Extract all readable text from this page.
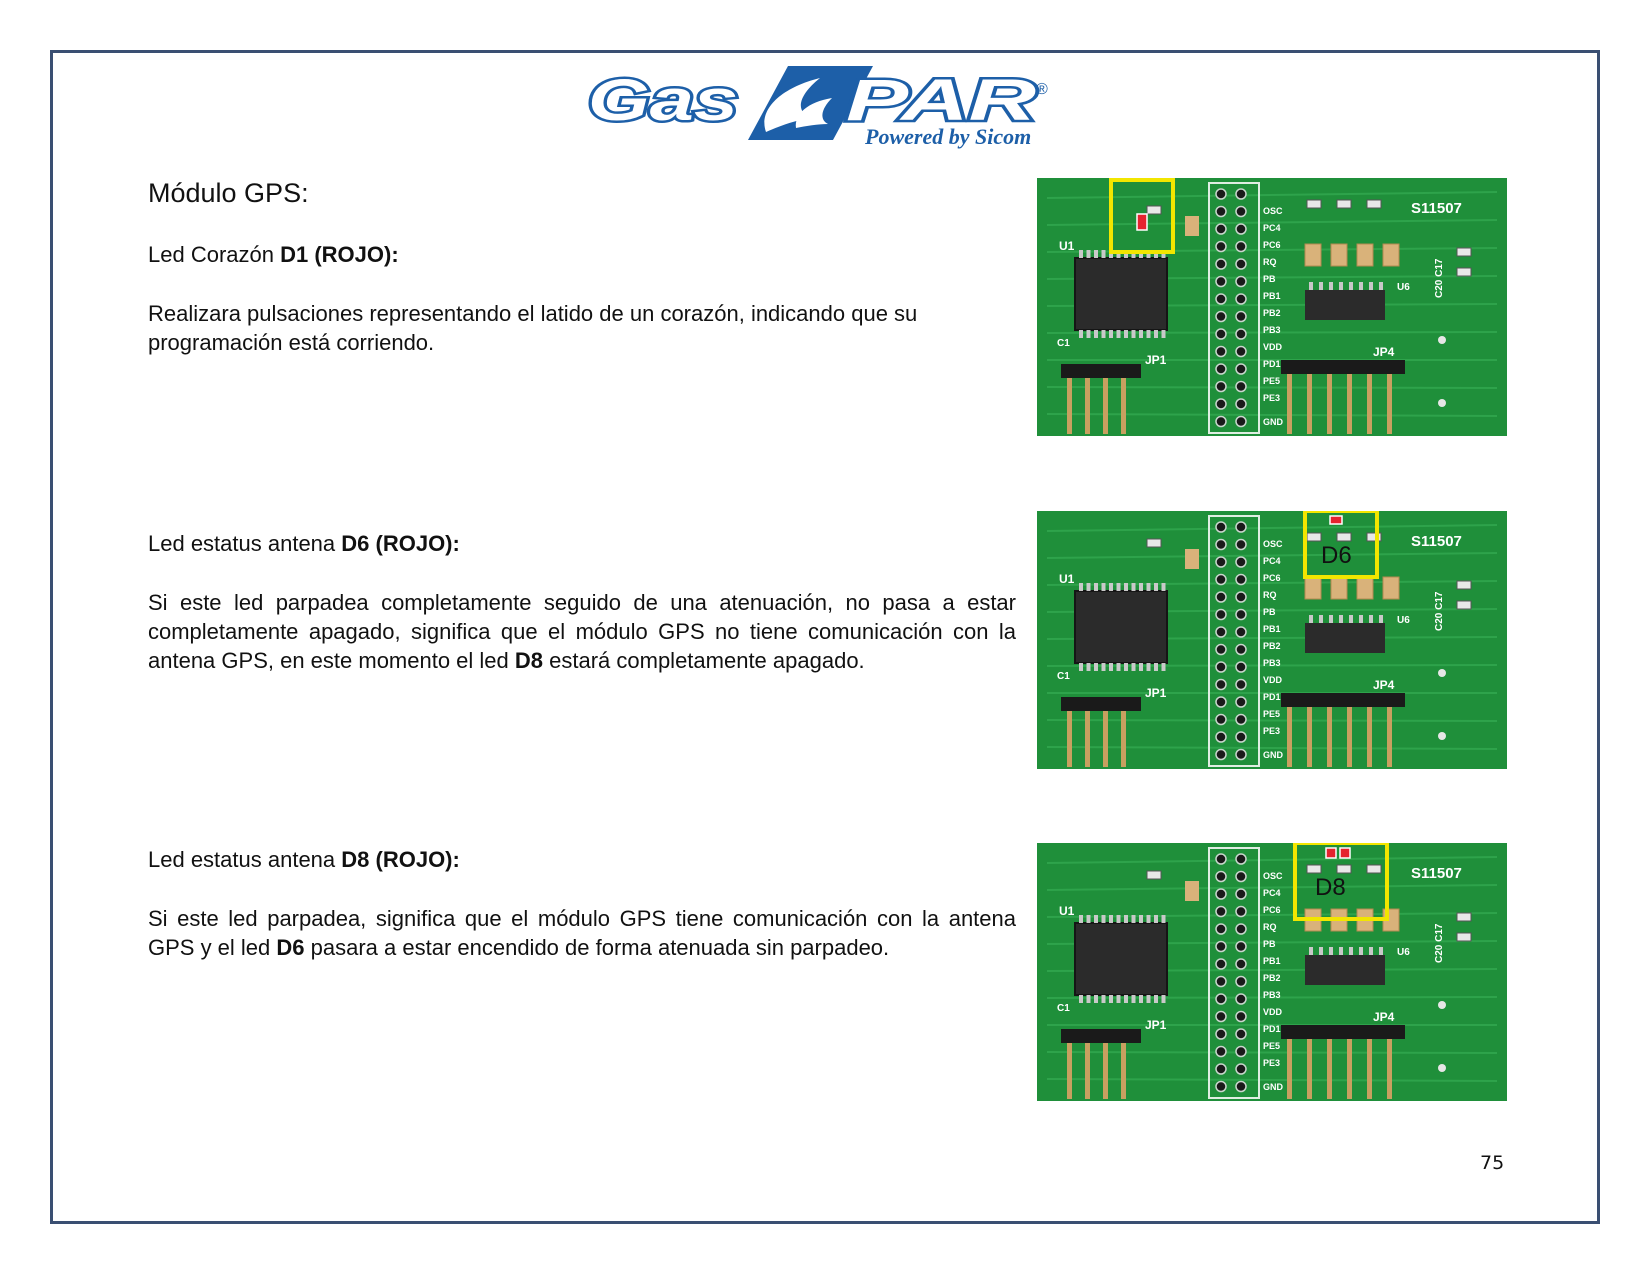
Gas PAR ®
Powered by Sicom
Módulo GPS:
Led Corazón D1 (ROJO):
Realizara pulsaciones representando el latido de un corazón, indicando que su programación está corriendo.
Led estatus antena D6 (ROJO):
Si este led parpadea completamente seguido de una atenuación, no pasa a estar completamente apagado, significa que el módulo GPS no tiene comunicación con la antena GPS, en este momento el led D8 estará completamente apagado.
Led estatus antena D8 (ROJO):
Si este led parpadea, significa que el módulo GPS tiene comunicación con la antena GPS y el led D6 pasara a estar encendido de forma atenuada sin parpadeo.
OSC
PC4
PC6
RQ
PB
PB1
PB2
PB3
VDD
PD1
PE5
PE3
S11507
U1
JP1
JP4
C1
U6
GND
C20 C17
OSC
PC4
PC6
RQ
PB
PB1
PB2
PB3
VDD
PD1
PE5
PE3
S11507
U1
JP1
JP4
C1
U6
GND
C20 C17
D6
OSC
PC4
PC6
RQ
PB
PB1
PB2
PB3
VDD
PD1
PE5
PE3
S11507
U1
JP1
JP4
C1
U6
GND
C20 C17
D8
75
